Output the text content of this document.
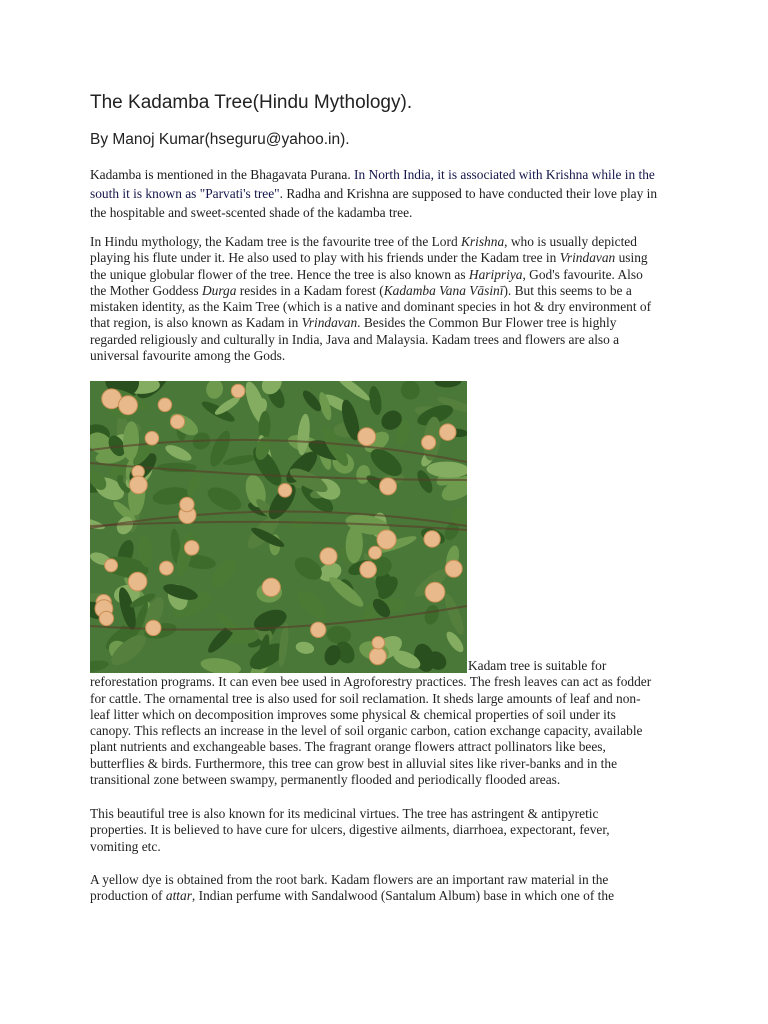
The Kadamba Tree(Hindu Mythology).

By Manoj Kumar(hseguru@yahoo.in).

Kadamba is mentioned in the Bhagavata Purana. In North India, it is associated with Krishna while in the
south it is known as "Parvati's tree". Radha and Krishna are supposed to have conducted their love play in
the hospitable and sweet-scented shade of the kadamba tree.

In Hindu mythology, the Kadam tree is the favourite tree of the Lord Krishna, who is usually depicted
playing his flute under it. He also used to play with his friends under the Kadam tree in Vrindavan using
the unique globular flower of the tree. Hence the tree is also known as Haripriya, God's favourite. Also
the Mother Goddess Durga resides in a Kadam forest (Kadamba Vana Vāsinī). But this seems to be a
mistaken identity, as the Kaim Tree (which is a native and dominant species in hot & dry environment of
that region, is also known as Kadam in Vrindavan. Besides the Common Bur Flower tree is highly
regarded religiously and culturally in India, Java and Malaysia. Kadam trees and flowers are also a
universal favourite among the Gods.

Kadam tree is suitable for
reforestation programs. It can even bee used in Agroforestry practices. The fresh leaves can act as fodder
for cattle. The ornamental tree is also used for soil reclamation. It sheds large amounts of leaf and non-
leaf litter which on decomposition improves some physical & chemical properties of soil under its
canopy. This reflects an increase in the level of soil organic carbon, cation exchange capacity, available
plant nutrients and exchangeable bases. The fragrant orange flowers attract pollinators like bees,
butterflies & birds. Furthermore, this tree can grow best in alluvial sites like river-banks and in the
transitional zone between swampy, permanently flooded and periodically flooded areas.

This beautiful tree is also known for its medicinal virtues. The tree has astringent & antipyretic
properties. It is believed to have cure for ulcers, digestive ailments, diarrhoea, expectorant, fever,
vomiting etc.

A yellow dye is obtained from the root bark. Kadam flowers are an important raw material in the
production of attar, Indian perfume with Sandalwood (Santalum Album) base in which one of the
